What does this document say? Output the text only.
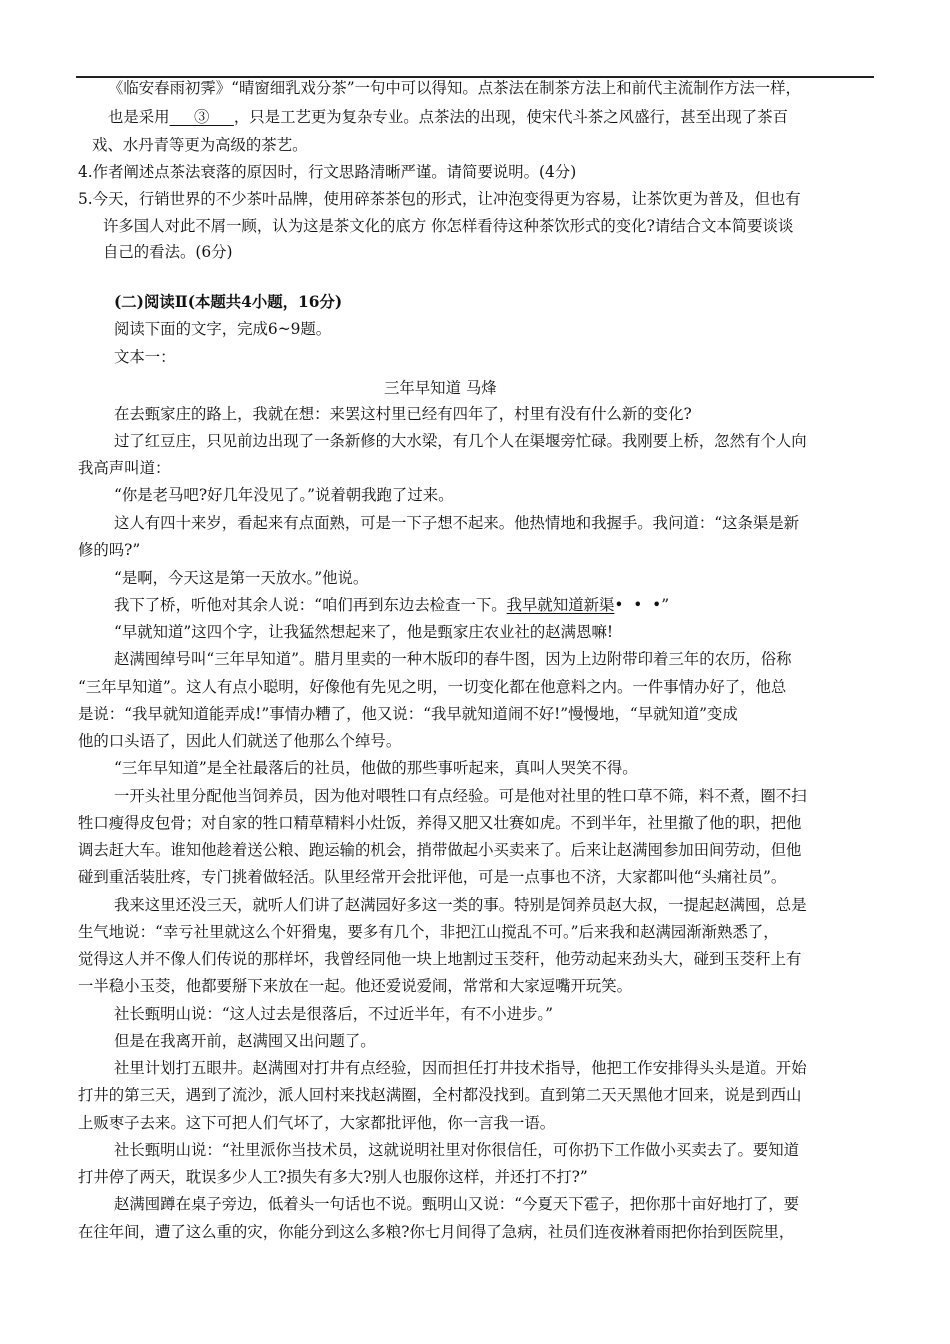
《临安春雨初霁》“晴窗细乳戏分茶”一句中可以得知。点茶法在制茶方法上和前代主流制作方法一样，
也是采用     ③     ，只是工艺更为复杂专业。点茶法的出现，使宋代斗茶之风盛行，甚至出现了茶百
戏、水丹青等更为高级的茶艺。
4.作者阐述点茶法衰落的原因时，行文思路清晰严谨。请简要说明。(4分)
5.今天，行销世界的不少茶叶品牌，使用碎茶茶包的形式，让冲泡变得更为容易，让茶饮更为普及，但也有
许多国人对此不屑一顾，认为这是茶文化的底方 你怎样看待这种茶饮形式的变化?请结合文本简要谈谈
自己的看法。(6分)
(二)阅读Ⅱ(本题共4小题，16分)
阅读下面的文字，完成6~9题。
文本一：
三年早知道 马烽
在去甄家庄的路上，我就在想：来罢这村里已经有四年了，村里有没有什么新的变化?
过了红豆庄，只见前边出现了一条新修的大水梁，有几个人在渠堰旁忙碌。我刚要上桥，忽然有个人向
我高声叫道：
“你是老马吧?好几年没见了。”说着朝我跑了过来。
这人有四十来岁，看起来有点面熟，可是一下子想不起来。他热情地和我握手。我问道：“这条渠是新
修的吗?”
“是啊，今天这是第一天放水。”他说。
我下了桥，听他对其余人说：“咱们再到东边去检查一下。我早就知道新渠•  •  •”
“早就知道”这四个字，让我猛然想起来了，他是甄家庄农业社的赵满恩嘛!
赵满囤绰号叫“三年早知道”。腊月里卖的一种木版印的春牛图，因为上边附带印着三年的农历，俗称
“三年早知道”。这人有点小聪明，好像他有先见之明，一切变化都在他意料之内。一件事情办好了，他总
是说：“我早就知道能弄成!”事情办糟了，他又说：“我早就知道闹不好!”慢慢地，“早就知道”变成
他的口头语了，因此人们就送了他那么个绰号。
“三年早知道”是全社最落后的社员，他做的那些事听起来，真叫人哭笑不得。
一开头社里分配他当饲养员，因为他对喂牲口有点经验。可是他对社里的牲口草不筛，料不煮，圈不扫
牲口瘦得皮包骨；对自家的牲口精草精料小灶饭，养得又肥又壮赛如虎。不到半年，社里撤了他的职，把他
调去赶大车。谁知他趁着送公粮、跑运输的机会，捎带做起小买卖来了。后来让赵满囤参加田间劳动，但他
碰到重活装肚疼，专门挑着做轻活。队里经常开会批评他，可是一点事也不济，大家都叫他“头痛社员”。
我来这里还没三天，就听人们讲了赵满园好多这一类的事。特别是饲养员赵大叔，一提起赵满囤，总是
生气地说：“幸亏社里就这么个奸猾鬼，要多有几个，非把江山搅乱不可。”后来我和赵满园渐渐熟悉了，
觉得这人并不像人们传说的那样坏，我曾经同他一块上地割过玉茭秆，他劳动起来劲头大，碰到玉茭秆上有
一半稳小玉茭，他都要掰下来放在一起。他还爱说爱闹，常常和大家逗嘴开玩笑。
社长甄明山说：“这人过去是很落后，不过近半年，有不小进步。”
但是在我离开前，赵满囤又出问题了。
社里计划打五眼井。赵满囤对打井有点经验，因而担任打井技术指导，他把工作安排得头头是道。开始
打井的第三天，遇到了流沙，派人回村来找赵满圈，全村都没找到。直到第二天天黑他才回来，说是到西山
上贩枣子去来。这下可把人们气坏了，大家都批评他，你一言我一语。
社长甄明山说：“社里派你当技术员，这就说明社里对你很信任，可你扔下工作做小买卖去了。要知道
打井停了两天，耽误多少人工?损失有多大?别人也服你这样，并还打不打?”
赵满囤蹲在桌子旁边，低着头一句话也不说。甄明山又说：“今夏天下雹子，把你那十亩好地打了，要
在往年间，遭了这么重的灾，你能分到这么多粮?你七月间得了急病，社员们连夜淋着雨把你抬到医院里，
